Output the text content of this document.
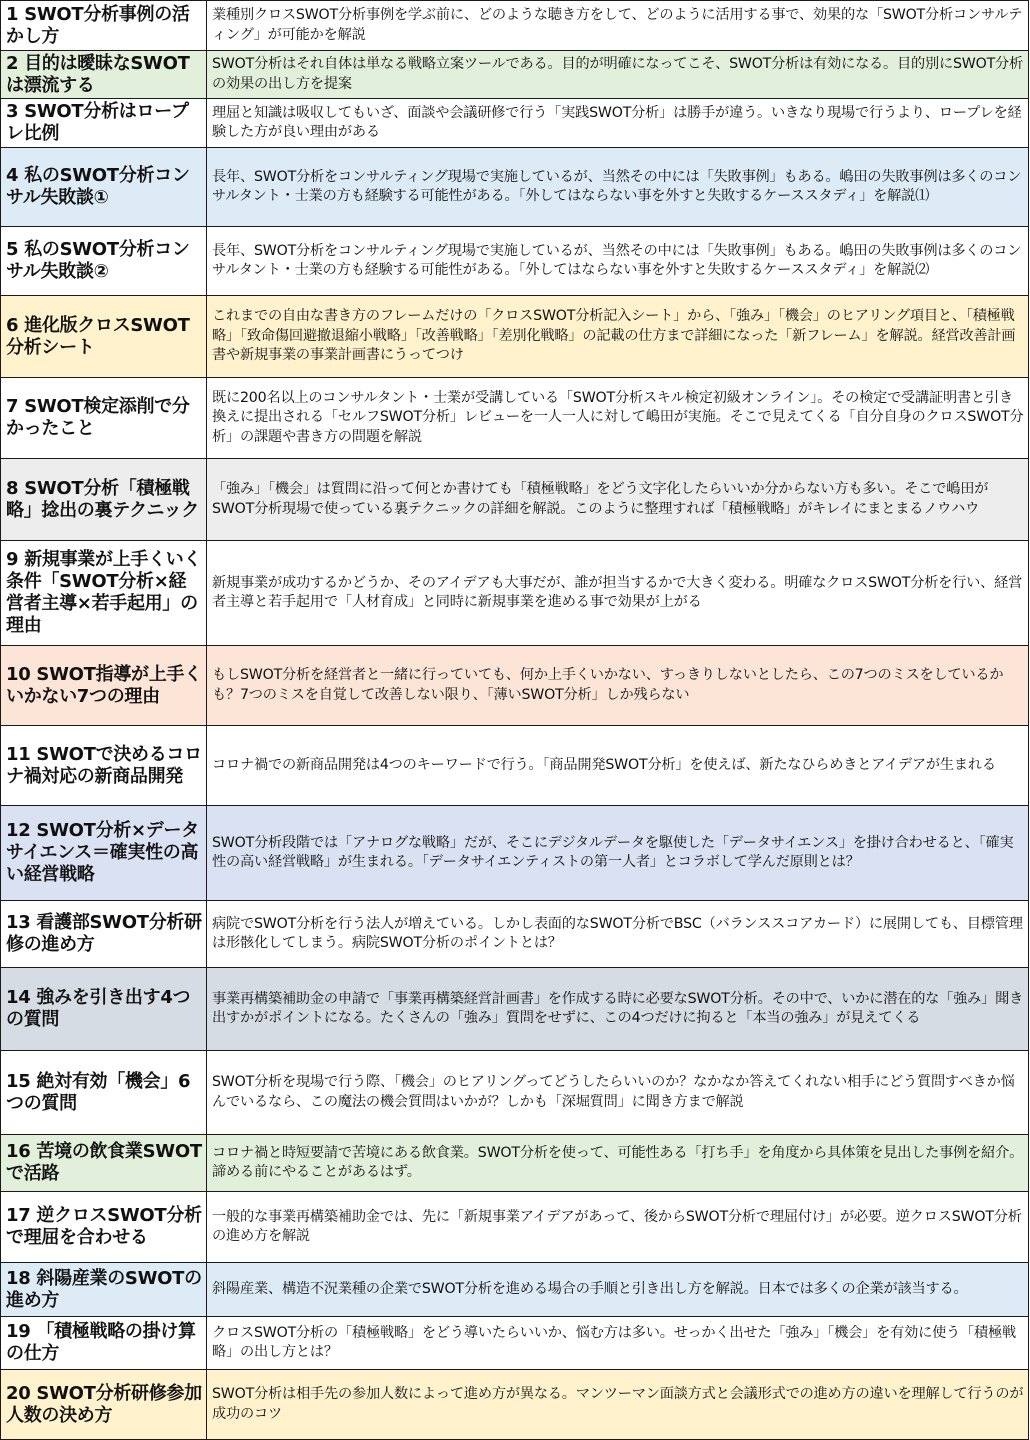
1 SWOT分析事例の活かし方	業種別クロスSWOT分析事例を学ぶ前に、どのような聴き方をして、どのように活用する事で、効果的な「SWOT分析コンサルティング」が可能かを解説
2 目的は曖昧なSWOTは漂流する	SWOT分析はそれ自体は単なる戦略立案ツールである。目的が明確になってこそ、SWOT分析は有効になる。目的別にSWOT分析の効果の出し方を提案
3 SWOT分析はロープレ比例	理屈と知識は吸収してもいざ、面談や会議研修で行う「実践SWOT分析」は勝手が違う。いきなり現場で行うより、ロープレを経験した方が良い理由がある
4 私のSWOT分析コンサル失敗談①	長年、SWOT分析をコンサルティング現場で実施しているが、当然その中には「失敗事例」もある。嶋田の失敗事例は多くのコンサルタント・士業の方も経験する可能性がある。「外してはならない事を外すと失敗するケーススタディ」を解説⑴
5 私のSWOT分析コンサル失敗談②	長年、SWOT分析をコンサルティング現場で実施しているが、当然その中には「失敗事例」もある。嶋田の失敗事例は多くのコンサルタント・士業の方も経験する可能性がある。「外してはならない事を外すと失敗するケーススタディ」を解説⑵
6 進化版クロスSWOT分析シート	これまでの自由な書き方のフレームだけの「クロスSWOT分析記入シート」から、「強み」「機会」のヒアリング項目と、「積極戦略」「致命傷回避撤退縮小戦略」「改善戦略」「差別化戦略」の記載の仕方まで詳細になった「新フレーム」を解説。経営改善計画書や新規事業の事業計画書にうってつけ
7 SWOT検定添削で分かったこと	既に200名以上のコンサルタント・士業が受講している「SWOT分析スキル検定初級オンライン」。その検定で受講証明書と引き換えに提出される「セルフSWOT分析」レビューを一人一人に対して嶋田が実施。そこで見えてくる「自分自身のクロスSWOT分析」の課題や書き方の問題を解説
8 SWOT分析「積極戦略」捻出の裏テクニック	「強み」「機会」は質問に沿って何とか書けても「積極戦略」をどう文字化したらいいか分からない方も多い。そこで嶋田がSWOT分析現場で使っている裏テクニックの詳細を解説。このように整理すれば「積極戦略」がキレイにまとまるノウハウ
9 新規事業が上手くいく条件「SWOT分析×経営者主導×若手起用」の理由	新規事業が成功するかどうか、そのアイデアも大事だが、誰が担当するかで大きく変わる。明確なクロスSWOT分析を行い、経営者主導と若手起用で「人材育成」と同時に新規事業を進める事で効果が上がる
10 SWOT指導が上手くいかない7つの理由	もしSWOT分析を経営者と一緒に行っていても、何か上手くいかない、すっきりしないとしたら、この7つのミスをしているかも？7つのミスを自覚して改善しない限り、「薄いSWOT分析」しか残らない
11 SWOTで決めるコロナ禍対応の新商品開発	コロナ禍での新商品開発は4つのキーワードで行う。「商品開発SWOT分析」を使えば、新たなひらめきとアイデアが生まれる
12 SWOT分析×データサイエンス＝確実性の高い経営戦略	SWOT分析段階では「アナログな戦略」だが、そこにデジタルデータを駆使した「データサイエンス」を掛け合わせると、「確実性の高い経営戦略」が生まれる。「データサイエンティストの第一人者」とコラボして学んだ原則とは？
13 看護部SWOT分析研修の進め方	病院でSWOT分析を行う法人が増えている。しかし表面的なSWOT分析でBSC（バランススコアカード）に展開しても、目標管理は形骸化してしまう。病院SWOT分析のポイントとは？
14 強みを引き出す4つの質問	事業再構築補助金の申請で「事業再構築経営計画書」を作成する時に必要なSWOT分析。その中で、いかに潜在的な「強み」聞き出すかがポイントになる。たくさんの「強み」質問をせずに、この4つだけに拘ると「本当の強み」が見えてくる
15 絶対有効「機会」6つの質問	SWOT分析を現場で行う際、「機会」のヒアリングってどうしたらいいのか？なかなか答えてくれない相手にどう質問すべきか悩んでいるなら、この魔法の機会質問はいかが？しかも「深堀質問」に聞き方まで解説
16 苦境の飲食業SWOTで活路	コロナ禍と時短要請で苦境にある飲食業。SWOT分析を使って、可能性ある「打ち手」を角度から具体策を見出した事例を紹介。諦める前にやることがあるはず。
17 逆クロスSWOT分析で理屈を合わせる	一般的な事業再構築補助金では、先に「新規事業アイデアがあって、後からSWOT分析で理屈付け」が必要。逆クロスSWOT分析の進め方を解説
18 斜陽産業のSWOTの進め方	斜陽産業、構造不況業種の企業でSWOT分析を進める場合の手順と引き出し方を解説。日本では多くの企業が該当する。
19 「積極戦略の掛け算の仕方	クロスSWOT分析の「積極戦略」をどう導いたらいいか、悩む方は多い。せっかく出せた「強み」「機会」を有効に使う「積極戦略」の出し方とは？
20 SWOT分析研修参加人数の決め方	SWOT分析は相手先の参加人数によって進め方が異なる。マンツーマン面談方式と会議形式での進め方の違いを理解して行うのが成功のコツ
